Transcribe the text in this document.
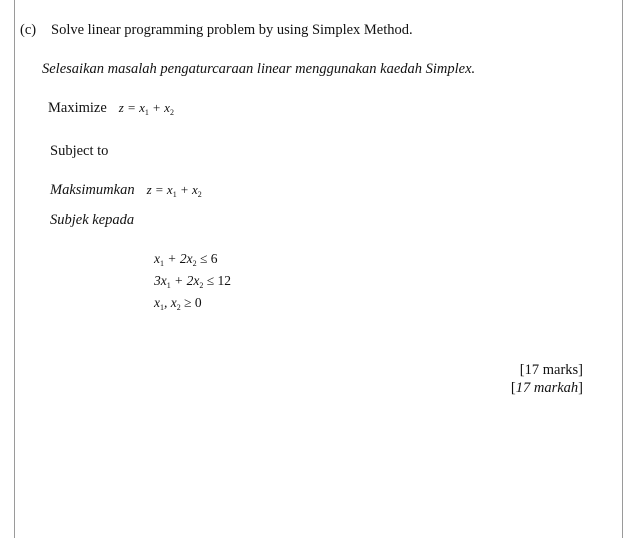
(c) Solve linear programming problem by using Simplex Method.
Selesaikan masalah pengaturcaraan linear menggunakan kaedah Simplex.
Maximize $z = x_1 + x_2$
Subject to
Maksimumkan $z = x_1 + x_2$
Subjek kepada
$x_1 + 2x_2 \le 6$
$3x_1 + 2x_2 \le 12$
$x_1$, $x_2 \ge 0$
[17 marks]
[17 markah]
